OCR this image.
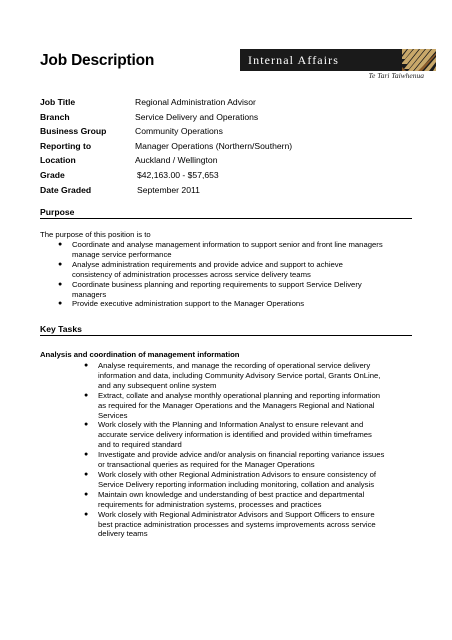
Job Description	Internal Affairs
Te Tari Taiwhenua
Job Title	Regional Administration Advisor
Branch	Service Delivery and Operations
Business Group	Community Operations
Reporting to	Manager Operations (Northern/Southern)
Location	Auckland / Wellington
Grade	$42,163.00 - $57,653
Date Graded	September 2011
Purpose
The purpose of this position is to
● Coordinate and analyse management information to support senior and front line managers
manage service performance
● Analyse administration requirements and provide advice and support to achieve
consistency of administration processes across service delivery teams
● Coordinate business planning and reporting requirements to support Service Delivery
managers
● Provide executive administration support to the Manager Operations
Key Tasks
Analysis and coordination of management information
● Analyse requirements, and manage the recording of operational service delivery
information and data, including Community Advisory Service portal, Grants OnLine,
and any subsequent online system
● Extract, collate and analyse monthly operational planning and reporting information
as required for the Manager Operations and the Managers Regional and National
Services
● Work closely with the Planning and Information Analyst to ensure relevant and
accurate service delivery information is identified and provided within timeframes
and to required standard
● Investigate and provide advice and/or analysis on financial reporting variance issues
or transactional queries as required for the Manager Operations
● Work closely with other Regional Administration Advisors to ensure consistency of
Service Delivery reporting information including monitoring, collation and analysis
● Maintain own knowledge and understanding of best practice and departmental
requirements for administration systems, processes and practices
● Work closely with Regional Administrator Advisors and Support Officers to ensure
best practice administration processes and systems improvements across service
delivery teams
